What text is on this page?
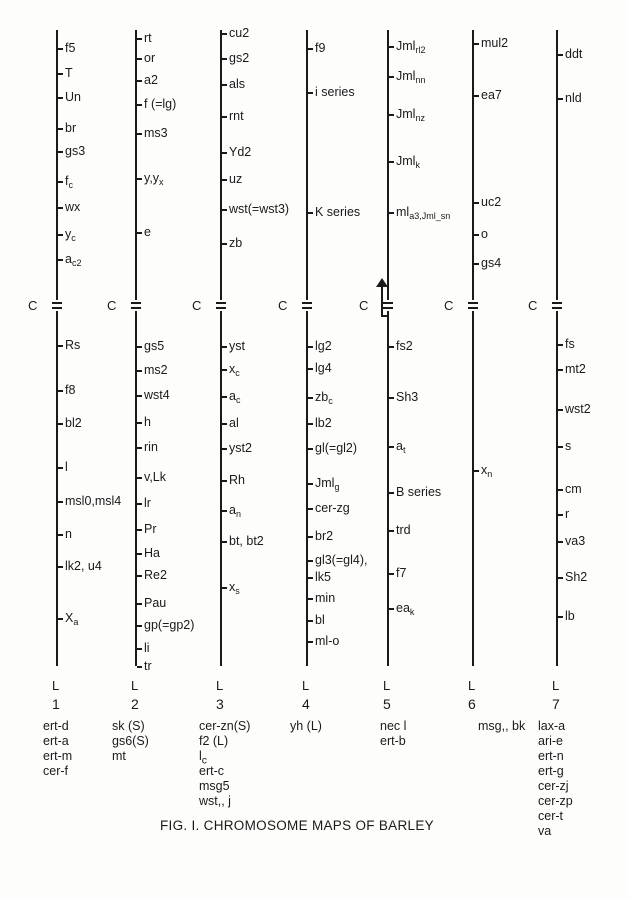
C
f5
T
Un
br
gs3
$f_c$
wx
$y_c$
$a_{c2}$
Rs
f8
bl2
l
msl0,msl4
n
lk2, u4
$X_a$
L
1
ert-d
ert-a
ert-m
cer-f
C
rt
or
a2
f (=lg)
ms3
$y,y_x$
e
gs5
ms2
wst4
h
rin
v,Lk
lr
Pr
Ha
Re2
Pau
gp(=gp2)
li
tr
L
2
sk (S)
gs6(S)
mt
C
cu2
gs2
als
rnt
Yd2
uz
wst(=wst3)
zb
yst
$x_c$
$a_c$
al
yst2
Rh
$a_n$
bt, bt2
$x_s$
L
3
cer-zn(S)
f2 (L)
$l_c$
ert-c
msg5
wst,, j
C
f9
i series
K series
lg2
lg4
$zb_c$
lb2
gl(=gl2)
Jml$_g$
cer-zg
br2
gl3(=gl4),
lk5
min
bl
ml-o
L
4
yh (L)
C
Jml$_{rl2}$
Jml$_{nn}$
Jml$_{nz}$
Jml$_k$
$ml_{a3,Jml\_sn}$
fs2
Sh3
$a_t$
B series
trd
f7
$ea_k$
L
5
nec l
ert-b
C
mul2
ea7
uc2
o
gs4
$x_n$
L
6
msg,, bk
C
ddt
nld
fs
mt2
wst2
s
cm
r
va3
Sh2
lb
L
7
lax-a
ari-e
ert-n
ert-g
cer-zj
cer-zp
cer-t
va
FIG. I. CHROMOSOME MAPS OF BARLEY
